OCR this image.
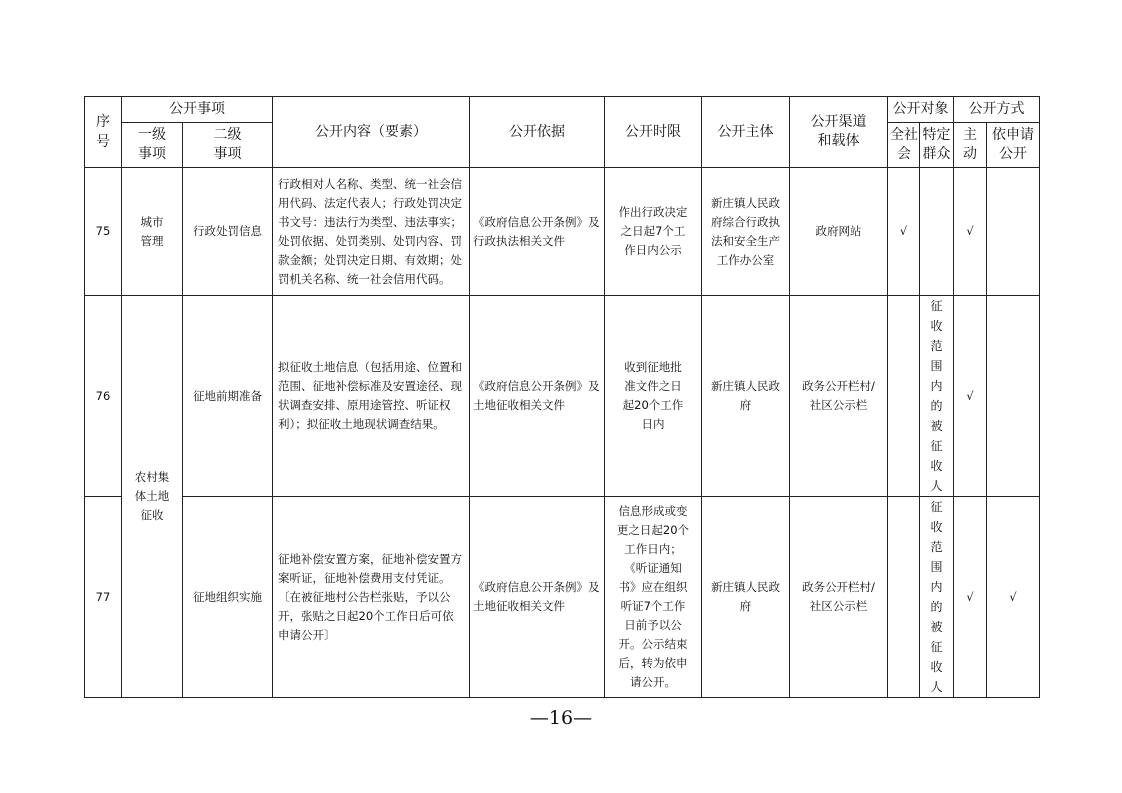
序号	公开事项		公开内容（要素）	公开依据	公开时限	公开主体	公开渠道和载体	公开对象		公开方式	

	一级事项	二级事项						全社会	特定群众	主动	依申请公开

75	城市管理	行政处罚信息	行政相对人名称、类型、统一社会信用代码、法定代表人；行政处罚决定书文号：违法行为类型、违法事实；处罚依据、处罚类别、处罚内容、罚款金额；处罚决定日期、有效期；处罚机关名称、统一社会信用代码。	《政府信息公开条例》及行政执法相关文件	作出行政决定之日起7个工作日内公示	新庄镇人民政府综合行政执法和安全生产工作办公室	政府网站	√		√	
76	农村集体土地征收	征地前期准备	拟征收土地信息（包括用途、位置和范围、征地补偿标准及安置途径、现状调查安排、原用途管控、听证权利）；拟征收土地现状调查结果。	《政府信息公开条例》及土地征收相关文件	收到征地批准文件之日起20个工作日内	新庄镇人民政府	政务公开栏村/社区公示栏		征收范围内的被征收人	√	
77		征地组织实施	征地补偿安置方案，征地补偿安置方案听证，征地补偿费用支付凭证。〔在被征地村公告栏张贴，予以公开，张贴之日起20个工作日后可依申请公开〕	《政府信息公开条例》及土地征收相关文件	信息形成或变更之日起20个工作日内；《听证通知书》应在组织听证7个工作日前予以公开。公示结束后，转为依申请公开。	新庄镇人民政府	政务公开栏村/社区公示栏		征收范围内的被征收人	√	√
—16—
